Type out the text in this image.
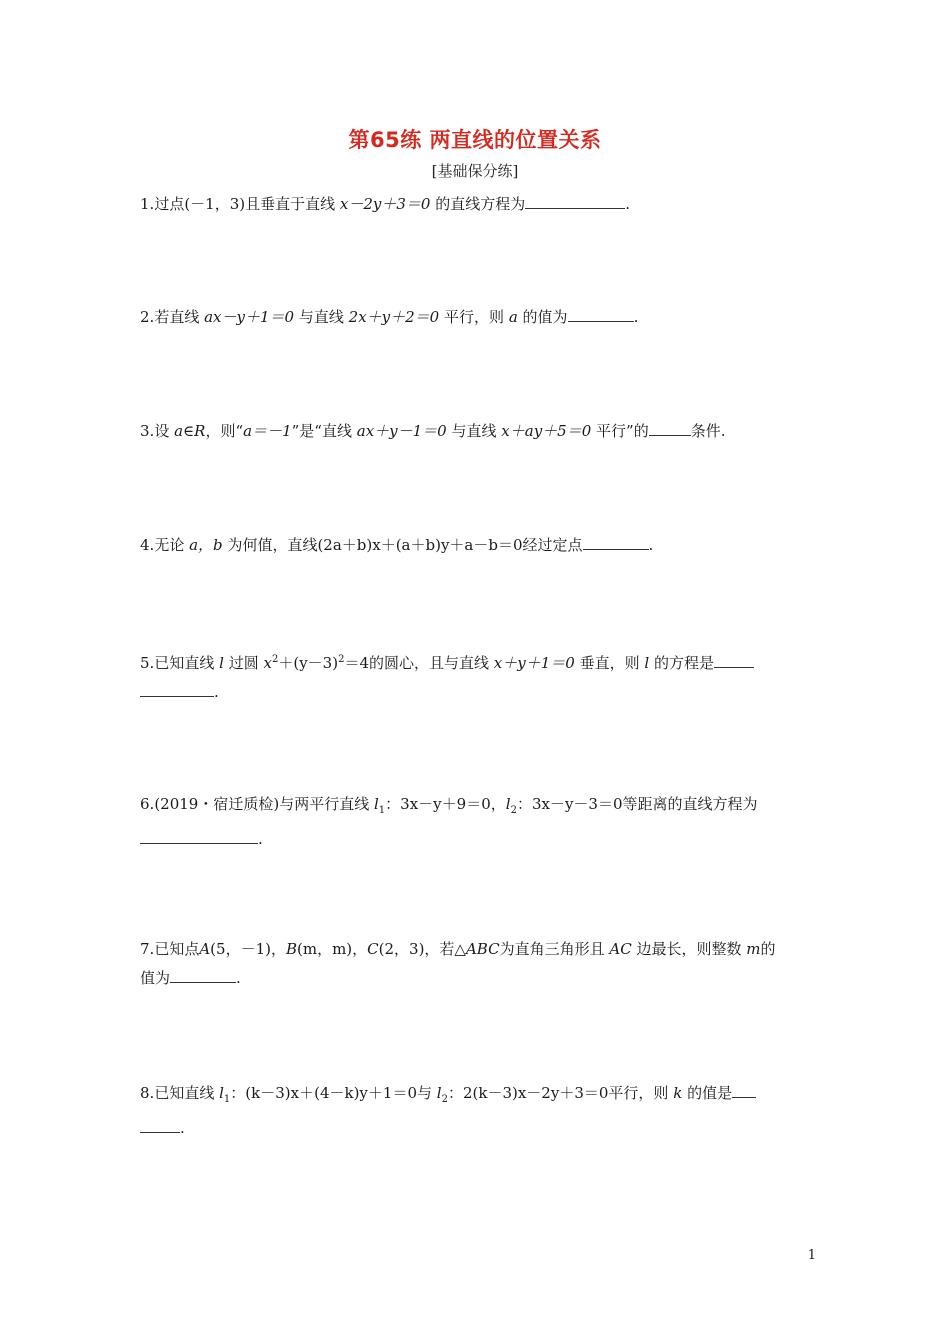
第65练 两直线的位置关系
[基础保分练]
1.过点(－1，3)且垂直于直线 x－2y＋3＝0 的直线方程为	.
2.若直线 ax－y＋1＝0 与直线 2x＋y＋2＝0 平行，则 a 的值为	.
3.设 a∈R，则“a＝－1”是“直线 ax＋y－1＝0 与直线 x＋ay＋5＝0 平行”的	条件.
4.无论 a，b 为何值，直线(2a＋b)x＋(a＋b)y＋a－b＝0经过定点	.
5.已知直线 l 过圆 $x^2+(y-3)^2=4$的圆心，且与直线 x＋y＋1＝0 垂直，则 l 的方程是
.
6.(2019・宿迁质检)与两平行直线 $l_1$：3x－y＋9＝0，$l_2$：3x－y－3＝0等距离的直线方程为
.
7.已知点A(5，－1)，B(m，m)，C(2，3)，若△ABC为直角三角形且 AC 边最长，则整数 m的
值为	.
8.已知直线 $l_1$：(k－3)x＋(4－k)y＋1＝0与 $l_2$：2(k－3)x－2y＋3＝0平行，则 k 的值是
.
1
